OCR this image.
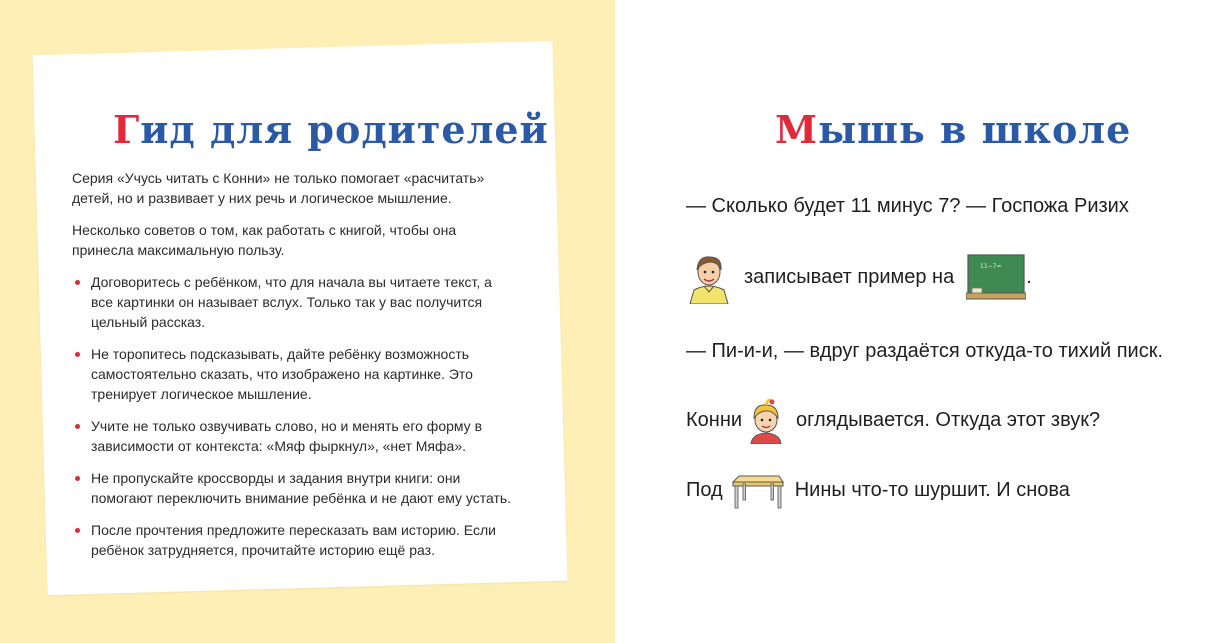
Гид для родителей

Серия «Учусь читать с Конни» не только помогает «расчитать» детей, но и развивает у них речь и логическое мышление.

Несколько советов о том, как работать с книгой, чтобы она принесла максимальную пользу.

Договоритесь с ребёнком, что для начала вы читаете текст, а все картинки он называет вслух. Только так у вас получится цельный рассказ.
Не торопитесь подсказывать, дайте ребёнку возможность самостоятельно сказать, что изображено на картинке. Это тренирует логическое мышление.
Учите не только озвучивать слово, но и менять его форму в зависимости от контекста: «Мяф фыркнул», «нет Мяфа».
Не пропускайте кроссворды и задания внутри книги: они помогают переключить внимание ребёнка и не дают ему устать.
После прочтения предложите пересказать вам историю. Если ребёнок затрудняется, прочитайте историю ещё раз.
Мышь в школе
— Сколько будет 11 минус 7? — Госпожа Ризих
записывает пример на	11−7= .
— Пи-и-и, — вдруг раздаётся откуда-то тихий писк.
Конни	оглядывается. Откуда этот звук?
Под	Нины что-то шуршит. И снова
